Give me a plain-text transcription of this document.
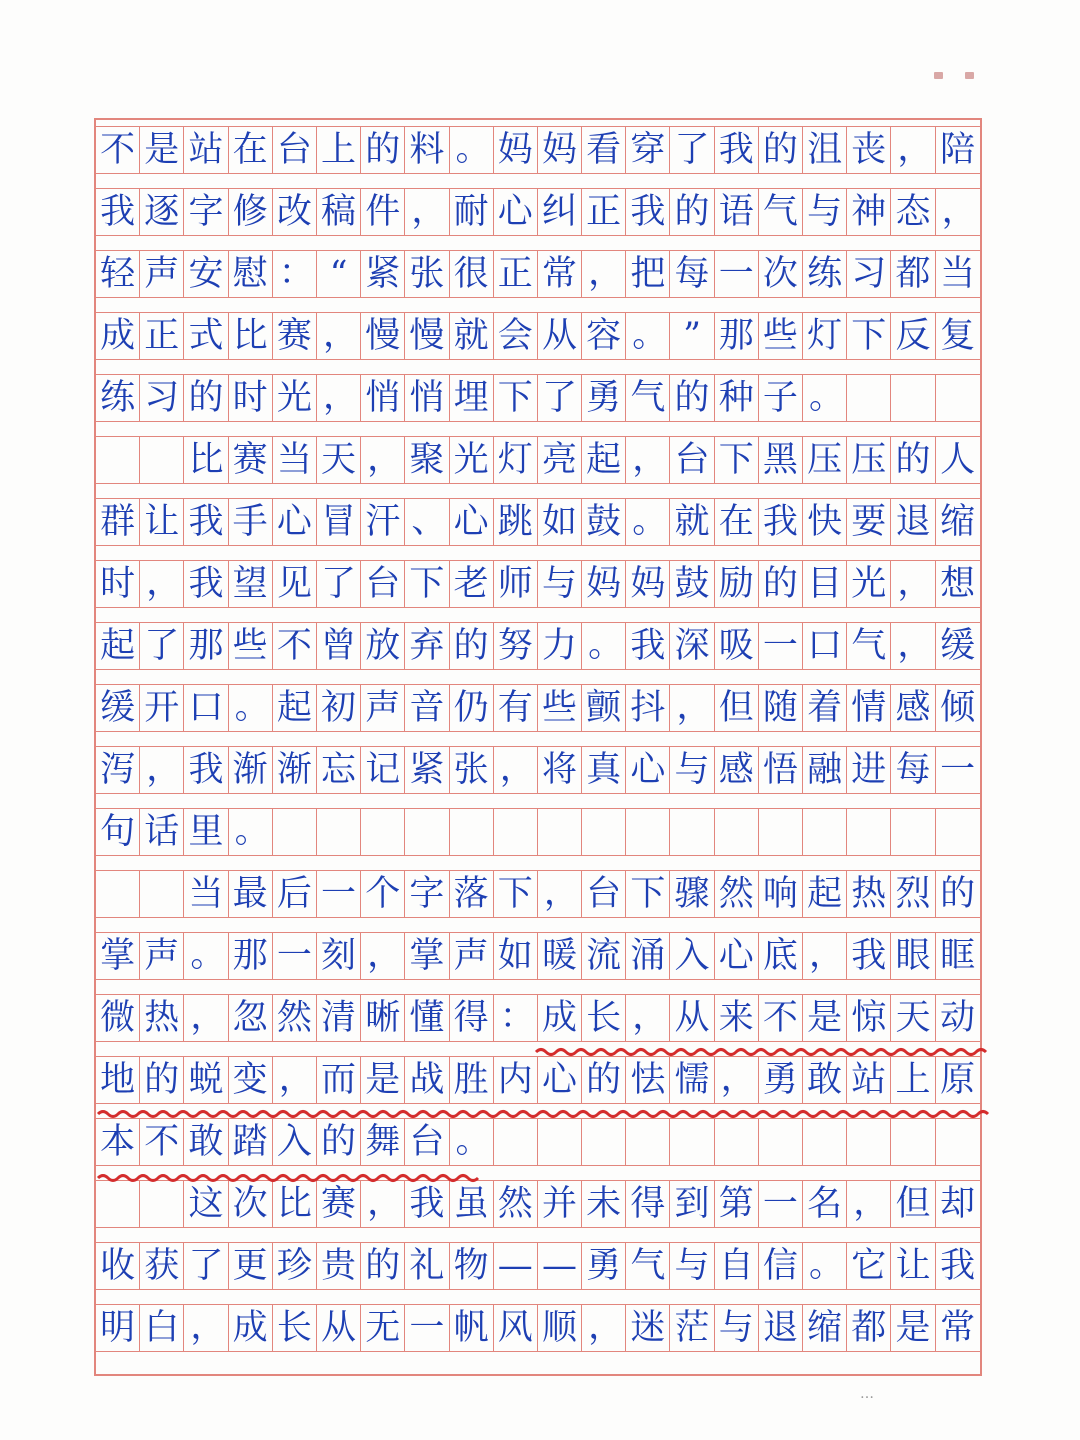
不 是 站 在 台 上 的 料 。 妈 妈 看 穿 了 我 的 沮 丧 ， 陪
我 逐 字 修 改 稿 件 ， 耐 心 纠 正 我 的 语 气 与 神 态 ，
轻 声 安 慰 ： “ 紧 张 很 正 常 ， 把 每 一 次 练 习 都 当
成 正 式 比 赛 ， 慢 慢 就 会 从 容 。 ” 那 些 灯 下 反 复
练 习 的 时 光 ， 悄 悄 埋 下 了 勇 气 的 种 子 。
比 赛 当 天 ， 聚 光 灯 亮 起 ， 台 下 黑 压 压 的 人
群 让 我 手 心 冒 汗 、 心 跳 如 鼓 。 就 在 我 快 要 退 缩
时 ， 我 望 见 了 台 下 老 师 与 妈 妈 鼓 励 的 目 光 ， 想
起 了 那 些 不 曾 放 弃 的 努 力 。 我 深 吸 一 口 气 ， 缓
缓 开 口 。 起 初 声 音 仍 有 些 颤 抖 ， 但 随 着 情 感 倾
泻 ， 我 渐 渐 忘 记 紧 张 ， 将 真 心 与 感 悟 融 进 每 一
句 话 里 。
当 最 后 一 个 字 落 下 ， 台 下 骤 然 响 起 热 烈 的
掌 声 。 那 一 刻 ， 掌 声 如 暖 流 涌 入 心 底 ， 我 眼 眶
微 热 ， 忽 然 清 晰 懂 得 ： 成 长 ， 从 来 不 是 惊 天 动
地 的 蜕 变 ， 而 是 战 胜 内 心 的 怯 懦 ， 勇 敢 站 上 原
本 不 敢 踏 入 的 舞 台 。
这 次 比 赛 ， 我 虽 然 并 未 得 到 第 一 名 ， 但 却
收 获 了 更 珍 贵 的 礼 物 — — 勇 气 与 自 信 。 它 让 我
明 白 ， 成 长 从 无 一 帆 风 顺 ， 迷 茫 与 退 缩 都 是 常
…
